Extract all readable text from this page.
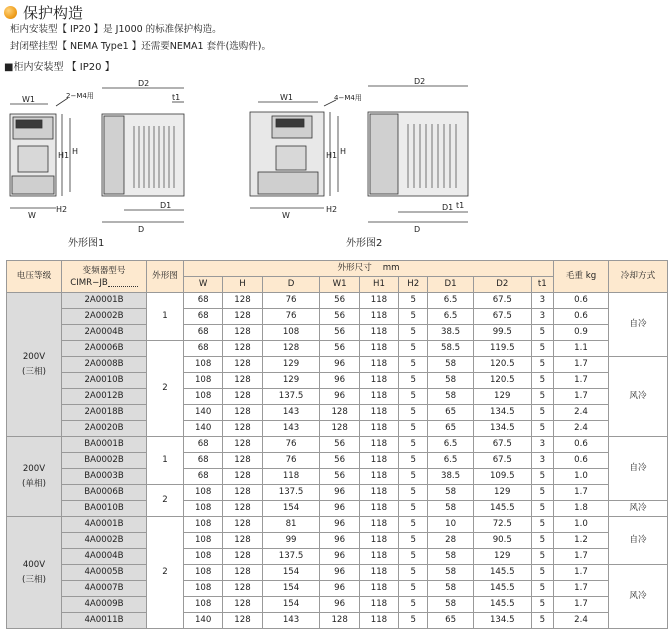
保护构造
柜内安装型【 IP20 】是 J1000 的标准保护构造。
封闭壁挂型【 NEMA Type1 】还需要NEMA1 套件(选购件)。
■柜内安装型 【 IP20 】
W1	2−M4用
D2
t1
H
H1
H2
W
D1
D
外形图1
W1	4−M4用
D2
H
H1
H2
W
D1
D
t1
外形图2
电压等级	变频器型号
CIMR−JB	外形图	外形尺寸 mm									毛重 kg	冷却方式
			W	H	D	W1	H1	H2	D1	D2	t1		

200V
(三相)	2A0001B	1	68	128	76	56	118	5	6.5	67.5	3	0.6	自冷
	2A0002B		68	128	76	56	118	5	6.5	67.5	3	0.6	
	2A0004B		68	128	108	56	118	5	38.5	99.5	5	0.9	
	2A0006B	2	68	128	128	56	118	5	58.5	119.5	5	1.1	
	2A0008B		108	128	129	96	118	5	58	120.5	5	1.7	风冷
	2A0010B		108	128	129	96	118	5	58	120.5	5	1.7	
	2A0012B		108	128	137.5	96	118	5	58	129	5	1.7	
	2A0018B		140	128	143	128	118	5	65	134.5	5	2.4	
	2A0020B		140	128	143	128	118	5	65	134.5	5	2.4	

200V
(单相)	BA0001B	1	68	128	76	56	118	5	6.5	67.5	3	0.6	自冷
	BA0002B		68	128	76	56	118	5	6.5	67.5	3	0.6	
	BA0003B		68	128	118	56	118	5	38.5	109.5	5	1.0	
	BA0006B	2	108	128	137.5	96	118	5	58	129	5	1.7	
	BA0010B		108	128	154	96	118	5	58	145.5	5	1.8	风冷

400V
(三相)	4A0001B	2	108	128	81	96	118	5	10	72.5	5	1.0	自冷
	4A0002B		108	128	99	96	118	5	28	90.5	5	1.2	
	4A0004B		108	128	137.5	96	118	5	58	129	5	1.7	
	4A0005B		108	128	154	96	118	5	58	145.5	5	1.7	风冷
	4A0007B		108	128	154	96	118	5	58	145.5	5	1.7	
	4A0009B		108	128	154	96	118	5	58	145.5	5	1.7	
	4A0011B		140	128	143	128	118	5	65	134.5	5	2.4	
